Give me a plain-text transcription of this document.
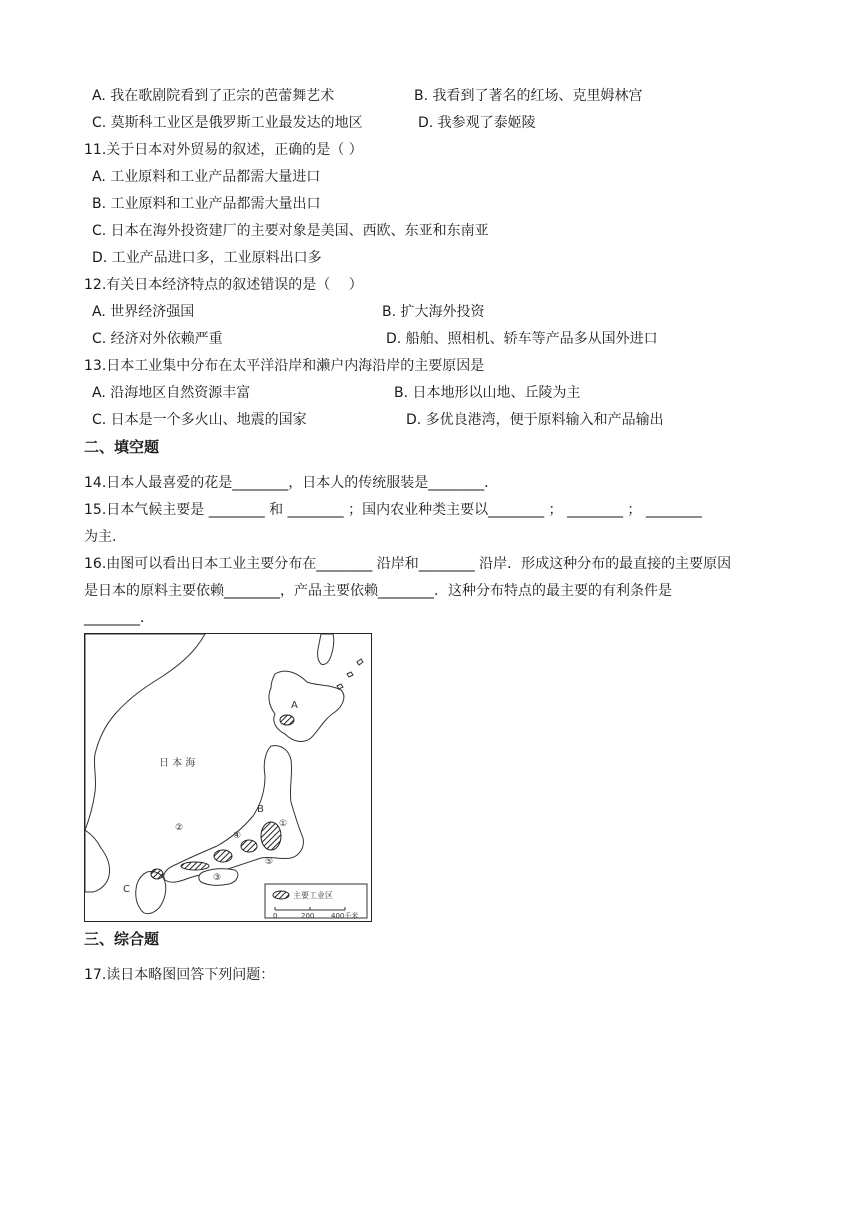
A. 我在歌剧院看到了正宗的芭蕾舞艺术	B. 我看到了著名的红场、克里姆林宫
C. 莫斯科工业区是俄罗斯工业最发达的地区	D. 我参观了泰姬陵
11.关于日本对外贸易的叙述，正确的是（ ）
A. 工业原料和工业产品都需大量进口
B. 工业原料和工业产品都需大量出口
C. 日本在海外投资建厂的主要对象是美国、西欧、东亚和东南亚
D. 工业产品进口多，工业原料出口多
12.有关日本经济特点的叙述错误的是（　 ）
A. 世界经济强国	B. 扩大海外投资
C. 经济对外依赖严重	D. 船舶、照相机、轿车等产品多从国外进口
13.日本工业集中分布在太平洋沿岸和濑户内海沿岸的主要原因是
A. 沿海地区自然资源丰富	B. 日本地形以山地、丘陵为主
C. 日本是一个多火山、地震的国家	D. 多优良港湾，便于原料输入和产品输出
二、填空题
14.日本人最喜爱的花是________，日本人的传统服装是________．
15.日本气候主要是 ________ 和 ________ ；国内农业种类主要以________ ； ________ ； ________
为主.
16.由图可以看出日本工业主要分布在________ 沿岸和________ 沿岸．形成这种分布的最直接的主要原因
是日本的原料主要依赖________，产品主要依赖________．这种分布特点的最主要的有利条件是
________．
日 本 海
A
B
C
①
②
③
④
⑤
主要工业区
0	200 400千米
三、综合题
17.读日本略图回答下列问题：
